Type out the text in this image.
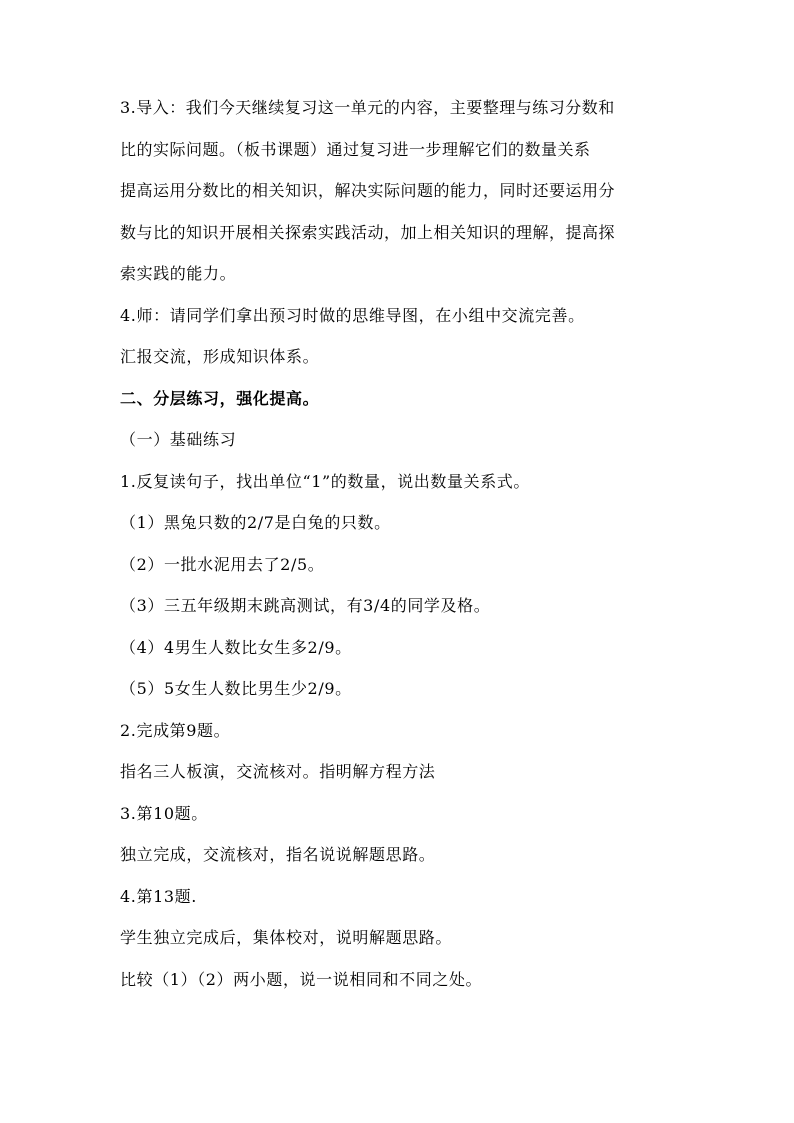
3.导入：我们今天继续复习这一单元的内容，主要整理与练习分数和
比的实际问题。（板书课题）通过复习进一步理解它们的数量关系
提高运用分数比的相关知识，解决实际问题的能力，同时还要运用分
数与比的知识开展相关探索实践活动，加上相关知识的理解，提高探
索实践的能力。
4.师：请同学们拿出预习时做的思维导图，在小组中交流完善。
汇报交流，形成知识体系。
二、分层练习，强化提高。
（一）基础练习
1.反复读句子，找出单位“1”的数量，说出数量关系式。
（1）黑兔只数的2/7是白兔的只数。
（2）一批水泥用去了2/5。
（3）三五年级期末跳高测试，有3/4的同学及格。
（4）4男生人数比女生多2/9。
（5）5女生人数比男生少2/9。
2.完成第9题。
指名三人板演，交流核对。指明解方程方法
3.第10题。
独立完成，交流核对，指名说说解题思路。
4.第13题.
学生独立完成后，集体校对，说明解题思路。
比较（1）（2）两小题，说一说相同和不同之处。
